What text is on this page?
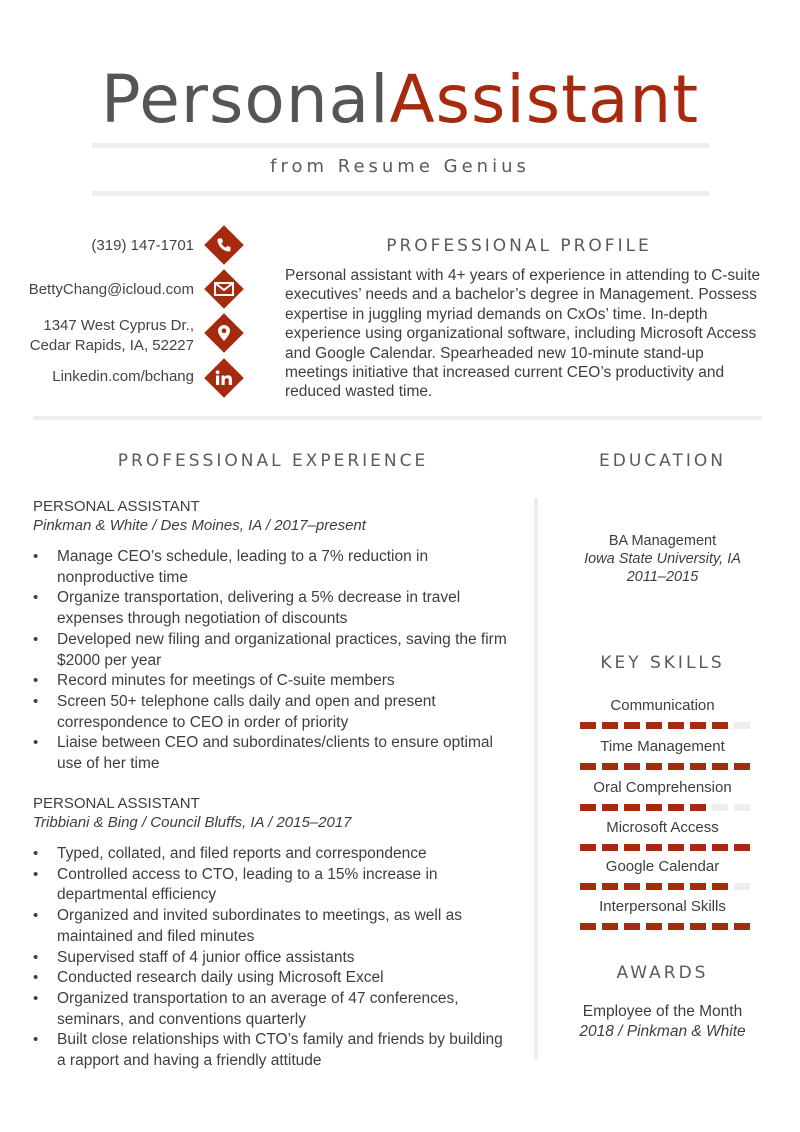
PersonalAssistant
from Resume Genius
(319) 147-1701
BettyChang@icloud.com
1347 West Cyprus Dr.,
Cedar Rapids, IA, 52227
Linkedin.com/bchang
PROFESSIONAL PROFILE
Personal assistant with 4+ years of experience in attending to C-suite executives’ needs and a bachelor’s degree in Management. Possess expertise in juggling myriad demands on CxOs’ time. In-depth experience using organizational software, including Microsoft Access and Google Calendar. Spearheaded new 10-minute stand-up meetings initiative that increased current CEO’s productivity and reduced wasted time.
PROFESSIONAL EXPERIENCE
PERSONAL ASSISTANT
Pinkman & White / Des Moines, IA / 2017–present
• Manage CEO’s schedule, leading to a 7% reduction in nonproductive time
• Organize transportation, delivering a 5% decrease in travel expenses through negotiation of discounts
• Developed new filing and organizational practices, saving the firm $2000 per year
• Record minutes for meetings of C-suite members
• Screen 50+ telephone calls daily and open and present correspondence to CEO in order of priority
• Liaise between CEO and subordinates/clients to ensure optimal use of her time
PERSONAL ASSISTANT
Tribbiani & Bing / Council Bluffs, IA / 2015–2017
• Typed, collated, and filed reports and correspondence
• Controlled access to CTO, leading to a 15% increase in departmental efficiency
• Organized and invited subordinates to meetings, as well as maintained and filed minutes
• Supervised staff of 4 junior office assistants
• Conducted research daily using Microsoft Excel
• Organized transportation to an average of 47 conferences, seminars, and conventions quarterly
• Built close relationships with CTO’s family and friends by building a rapport and having a friendly attitude
EDUCATION
BA Management
Iowa State University, IA
2011–2015
KEY SKILLS
Communication
Time Management
Oral Comprehension
Microsoft Access
Google Calendar
Interpersonal Skills
AWARDS
Employee of the Month
2018 / Pinkman & White
